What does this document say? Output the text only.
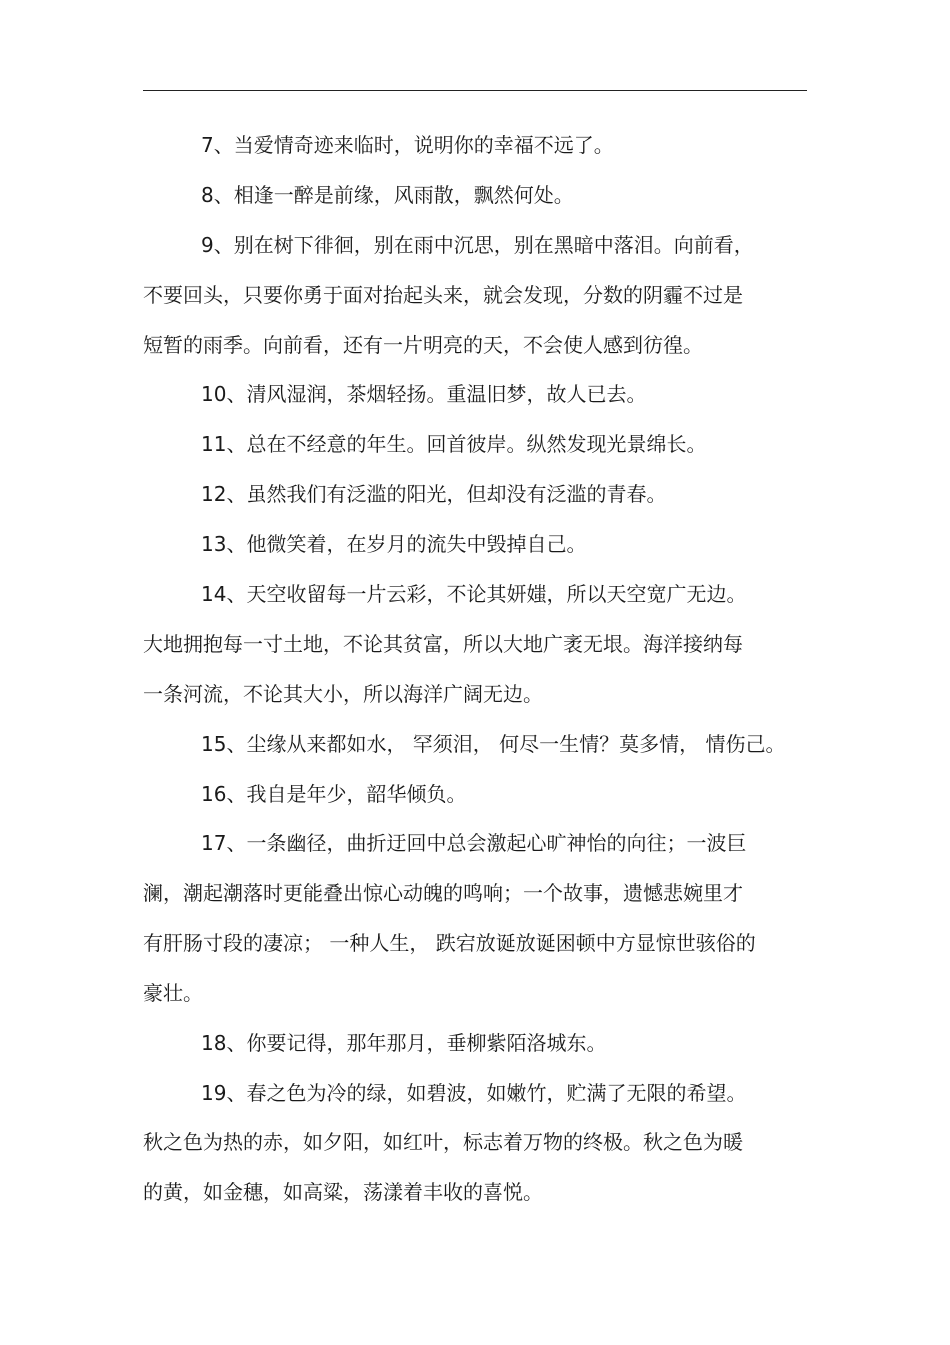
7、当爱情奇迹来临时，说明你的幸福不远了。
8、相逢一醉是前缘，风雨散，飘然何处。
9、别在树下徘徊，别在雨中沉思，别在黑暗中落泪。向前看，
不要回头，只要你勇于面对抬起头来，就会发现，分数的阴霾不过是
短暂的雨季。向前看，还有一片明亮的天，不会使人感到彷徨。
10、清风湿润，茶烟轻扬。重温旧梦，故人已去。
11、总在不经意的年生。回首彼岸。纵然发现光景绵长。
12、虽然我们有泛滥的阳光，但却没有泛滥的青春。
13、他微笑着，在岁月的流失中毁掉自己。
14、天空收留每一片云彩，不论其妍媸，所以天空宽广无边。
大地拥抱每一寸土地，不论其贫富，所以大地广袤无垠。海洋接纳每
一条河流，不论其大小，所以海洋广阔无边。
15、尘缘从来都如水， 罕须泪， 何尽一生情？莫多情， 情伤己。
16、我自是年少，韶华倾负。
17、一条幽径，曲折迂回中总会激起心旷神怡的向往；一波巨
澜，潮起潮落时更能叠出惊心动魄的鸣响；一个故事，遗憾悲婉里才
有肝肠寸段的凄凉； 一种人生， 跌宕放诞放诞困顿中方显惊世骇俗的
豪壮。
18、你要记得，那年那月，垂柳紫陌洛城东。
19、春之色为冷的绿，如碧波，如嫩竹，贮满了无限的希望。
秋之色为热的赤，如夕阳，如红叶，标志着万物的终极。秋之色为暖
的黄，如金穗，如高粱，荡漾着丰收的喜悦。
